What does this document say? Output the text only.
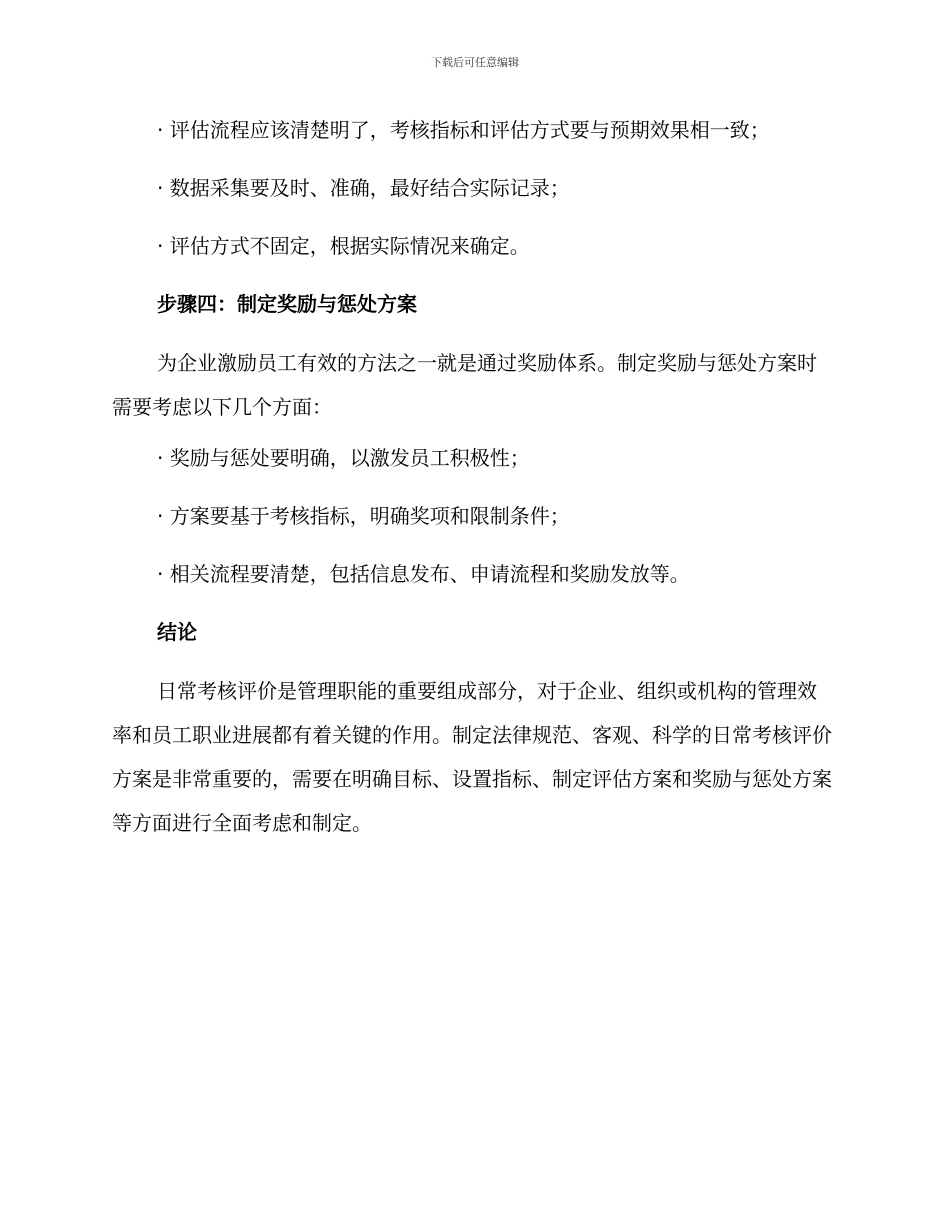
下载后可任意编辑
· 评估流程应该清楚明了，考核指标和评估方式要与预期效果相一致；
· 数据采集要及时、准确，最好结合实际记录；
· 评估方式不固定，根据实际情况来确定。
步骤四：制定奖励与惩处方案
为企业激励员工有效的方法之一就是通过奖励体系。制定奖励与惩处方案时需要考虑以下几个方面：
· 奖励与惩处要明确，以激发员工积极性；
· 方案要基于考核指标，明确奖项和限制条件；
· 相关流程要清楚，包括信息发布、申请流程和奖励发放等。
结论
日常考核评价是管理职能的重要组成部分，对于企业、组织或机构的管理效率和员工职业进展都有着关键的作用。制定法律规范、客观、科学的日常考核评价方案是非常重要的，需要在明确目标、设置指标、制定评估方案和奖励与惩处方案等方面进行全面考虑和制定。
